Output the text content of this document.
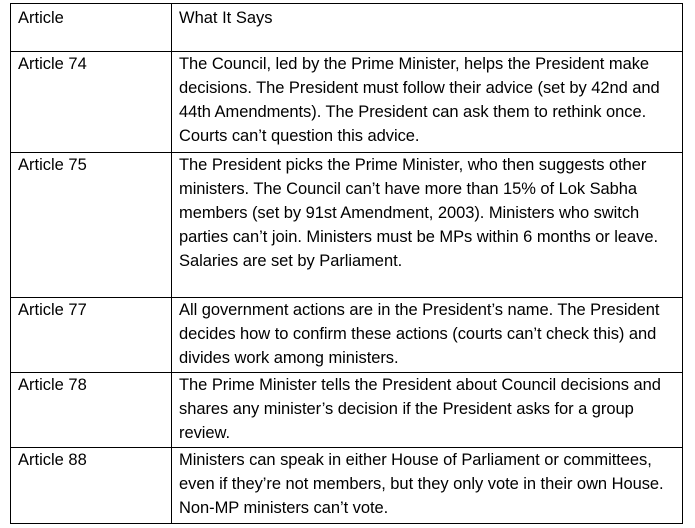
Article	What It Says
Article 74	The Council, led by the Prime Minister, helps the President make decisions. The President must follow their advice (set by 42nd and 44th Amendments). The President can ask them to rethink once. Courts can’t question this advice.
Article 75	The President picks the Prime Minister, who then suggests other ministers. The Council can’t have more than 15% of Lok Sabha members (set by 91st Amendment, 2003). Ministers who switch parties can’t join. Ministers must be MPs within 6 months or leave. Salaries are set by Parliament.
Article 77	All government actions are in the President’s name. The President decides how to confirm these actions (courts can’t check this) and divides work among ministers.
Article 78	The Prime Minister tells the President about Council decisions and shares any minister’s decision if the President asks for a group review.
Article 88	Ministers can speak in either House of Parliament or committees, even if they’re not members, but they only vote in their own House. Non-MP ministers can’t vote.
